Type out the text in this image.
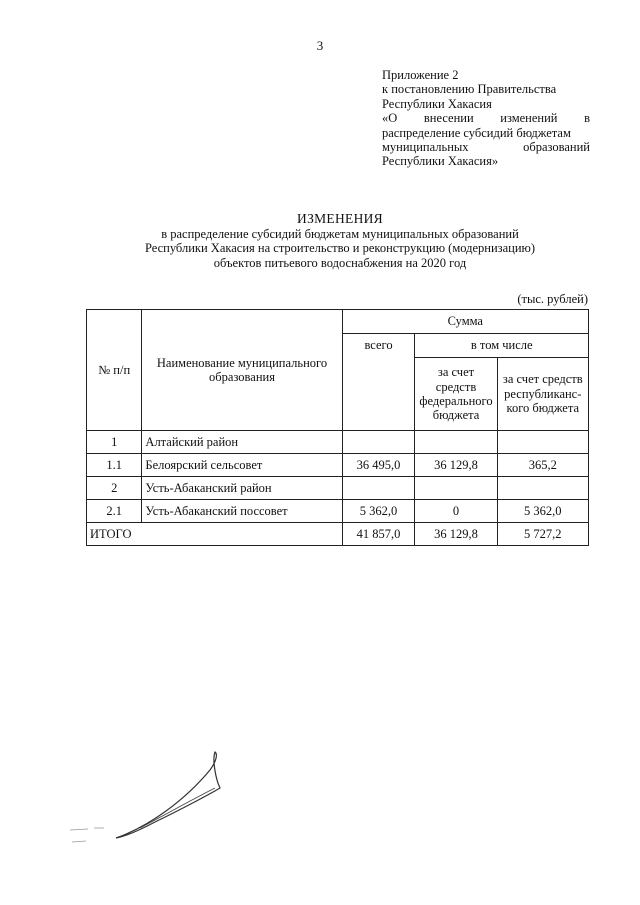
3
Приложение 2
к постановлению Правительства
Республики Хакасия
«О внесении изменений в
распределение субсидий бюджетам
муниципальных образований
Республики Хакасия»
ИЗМЕНЕНИЯ
в распределение субсидий бюджетам муниципальных образований
Республики Хакасия на строительство и реконструкцию (модернизацию)
объектов питьевого водоснабжения на 2020 год
(тыс. рублей)
№ п/п	Наименование муниципального образования	Сумма		
		всего	в том числе	
			за счет средств федерального бюджета	за счет средств республиканс-кого бюджета
1	Алтайский район			
1.1	Белоярский сельсовет	36 495,0	36 129,8	365,2
2	Усть-Абаканский район			
2.1	Усть-Абаканский поссовет	5 362,0	0	5 362,0
ИТОГО		41 857,0	36 129,8	5 727,2
